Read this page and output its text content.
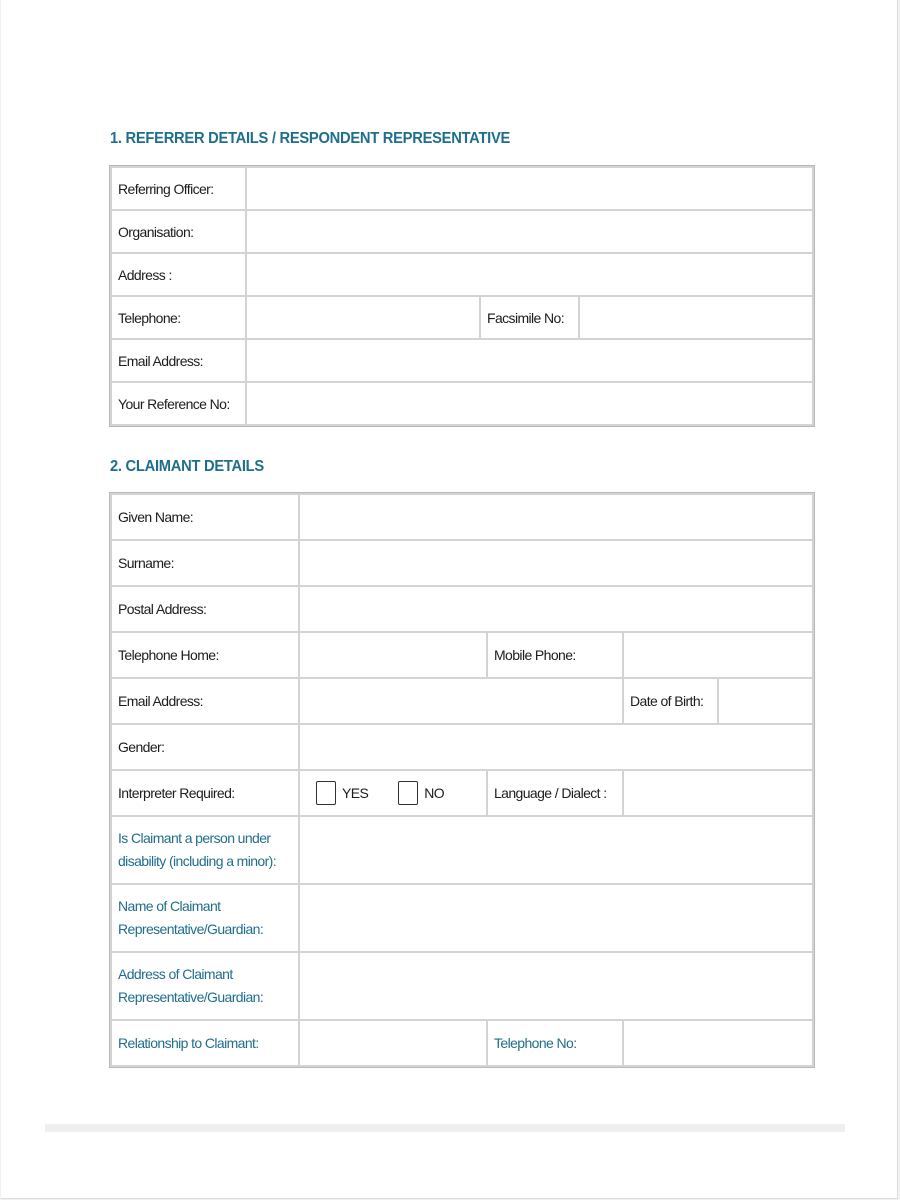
1. REFERRER DETAILS / RESPONDENT REPRESENTATIVE
Referring Officer:			
Organisation:			
Address :			
Telephone:		Facsimile No:	
Email Address:			
Your Reference No:			
2. CLAIMANT DETAILS
Given Name:				
Surname:				
Postal Address:				
Telephone Home:		Mobile Phone:		
Email Address:			Date of Birth:	
Gender:				
Interpreter Required:	YES NO	Language / Dialect :		
Is Claimant a person under disability (including a minor):				
Name of Claimant Representative/Guardian:				
Address of Claimant Representative/Guardian:				
Relationship to Claimant:		Telephone No:		
